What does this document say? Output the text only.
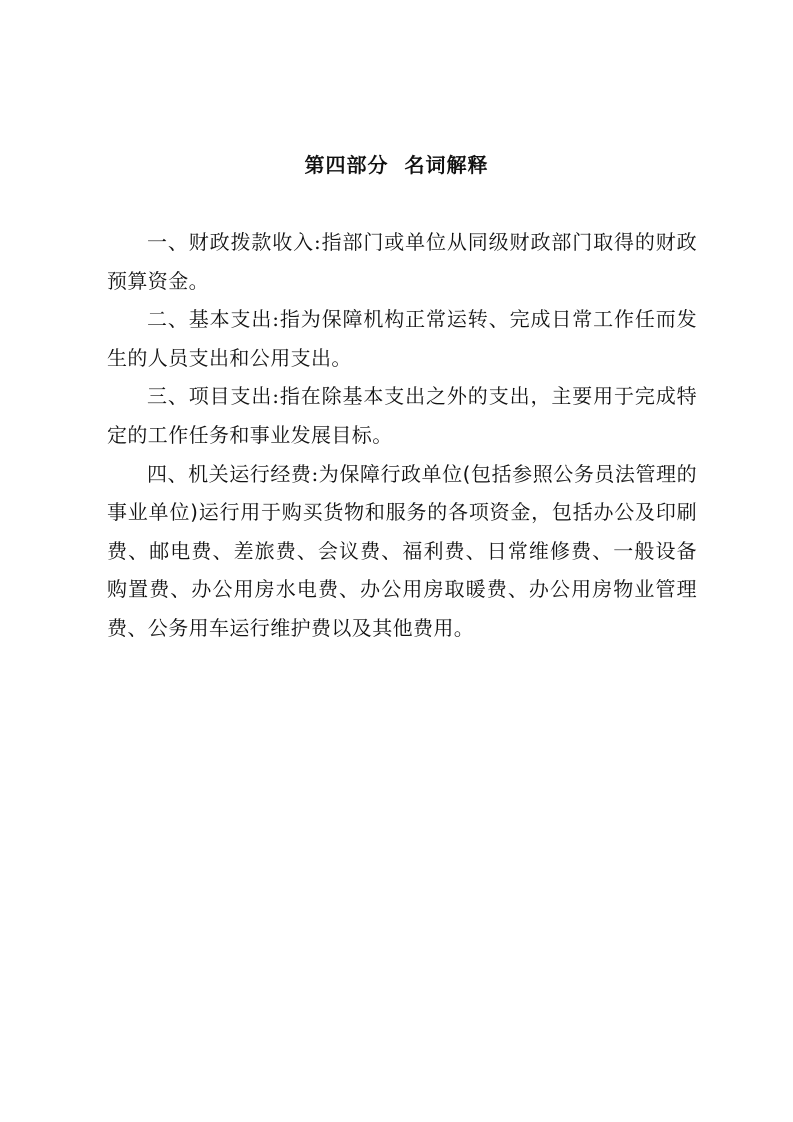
第四部分 名词解释

一、财政拨款收入:指部门或单位从同级财政部门取得的财政预算资金。

二、基本支出:指为保障机构正常运转、完成日常工作任而发生的人员支出和公用支出。

三、项目支出:指在除基本支出之外的支出，主要用于完成特定的工作任务和事业发展目标。

四、机关运行经费:为保障行政单位(包括参照公务员法管理的事业单位)运行用于购买货物和服务的各项资金，包括办公及印刷费、邮电费、差旅费、会议费、福利费、日常维修费、一般设备购置费、办公用房水电费、办公用房取暖费、办公用房物业管理费、公务用车运行维护费以及其他费用。
